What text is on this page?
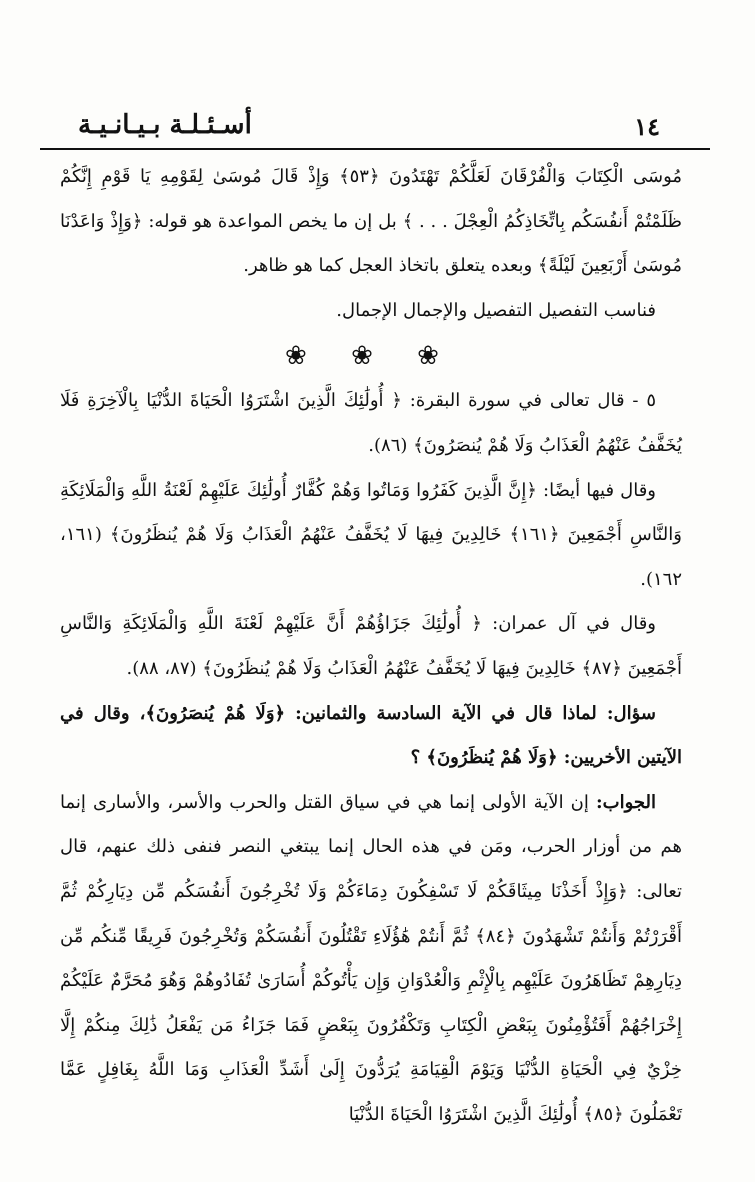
١٤
أسـئـلـة بـيـانـيـة

مُوسَى الْكِتَابَ وَالْفُرْقَانَ لَعَلَّكُمْ تَهْتَدُونَ ﴿٥٣﴾ وَإِذْ قَالَ مُوسَىٰ لِقَوْمِهِ يَا قَوْمِ إِنَّكُمْ ظَلَمْتُمْ أَنفُسَكُم بِاتِّخَاذِكُمُ الْعِجْلَ . . . ﴾ بل إن ما يخص المواعدة هو قوله: ﴿وَإِذْ وَاعَدْنَا مُوسَىٰ أَرْبَعِينَ لَيْلَةً﴾ وبعده يتعلق باتخاذ العجل كما هو ظاهر.

فناسب التفصيل التفصيل والإجمال الإجمال.

❀ ❀ ❀

٥ - قال تعالى في سورة البقرة: ﴿ أُولَٰئِكَ الَّذِينَ اشْتَرَوُا الْحَيَاةَ الدُّنْيَا بِالْآخِرَةِ فَلَا يُخَفَّفُ عَنْهُمُ الْعَذَابُ وَلَا هُمْ يُنصَرُونَ﴾ (٨٦).

وقال فيها أيضًا: ﴿إِنَّ الَّذِينَ كَفَرُوا وَمَاتُوا وَهُمْ كُفَّارٌ أُولَٰئِكَ عَلَيْهِمْ لَعْنَةُ اللَّهِ وَالْمَلَائِكَةِ وَالنَّاسِ أَجْمَعِينَ ﴿١٦١﴾ خَالِدِينَ فِيهَا لَا يُخَفَّفُ عَنْهُمُ الْعَذَابُ وَلَا هُمْ يُنظَرُونَ﴾ (١٦١، ١٦٢).

وقال في آل عمران: ﴿ أُولَٰئِكَ جَزَاؤُهُمْ أَنَّ عَلَيْهِمْ لَعْنَةَ اللَّهِ وَالْمَلَائِكَةِ وَالنَّاسِ أَجْمَعِينَ ﴿٨٧﴾ خَالِدِينَ فِيهَا لَا يُخَفَّفُ عَنْهُمُ الْعَذَابُ وَلَا هُمْ يُنظَرُونَ﴾ (٨٧، ٨٨).

سؤال: لماذا قال في الآية السادسة والثمانين: ﴿وَلَا هُمْ يُنصَرُونَ﴾، وقال في الآيتين الأخريين: ﴿وَلَا هُمْ يُنظَرُونَ﴾ ؟

الجواب: إن الآية الأولى إنما هي في سياق القتل والحرب والأسر، والأسارى إنما هم من أوزار الحرب، ومَن في هذه الحال إنما يبتغي النصر فنفى ذلك عنهم، قال تعالى: ﴿وَإِذْ أَخَذْنَا مِيثَاقَكُمْ لَا تَسْفِكُونَ دِمَاءَكُمْ وَلَا تُخْرِجُونَ أَنفُسَكُم مِّن دِيَارِكُمْ ثُمَّ أَقْرَرْتُمْ وَأَنتُمْ تَشْهَدُونَ ﴿٨٤﴾ ثُمَّ أَنتُمْ هَٰؤُلَاءِ تَقْتُلُونَ أَنفُسَكُمْ وَتُخْرِجُونَ فَرِيقًا مِّنكُم مِّن دِيَارِهِمْ تَظَاهَرُونَ عَلَيْهِم بِالْإِثْمِ وَالْعُدْوَانِ وَإِن يَأْتُوكُمْ أُسَارَىٰ تُفَادُوهُمْ وَهُوَ مُحَرَّمٌ عَلَيْكُمْ إِخْرَاجُهُمْ أَفَتُؤْمِنُونَ بِبَعْضِ الْكِتَابِ وَتَكْفُرُونَ بِبَعْضٍ فَمَا جَزَاءُ مَن يَفْعَلُ ذَٰلِكَ مِنكُمْ إِلَّا خِزْيٌ فِي الْحَيَاةِ الدُّنْيَا وَيَوْمَ الْقِيَامَةِ يُرَدُّونَ إِلَىٰ أَشَدِّ الْعَذَابِ وَمَا اللَّهُ بِغَافِلٍ عَمَّا تَعْمَلُونَ ﴿٨٥﴾ أُولَٰئِكَ الَّذِينَ اشْتَرَوُا الْحَيَاةَ الدُّنْيَا
